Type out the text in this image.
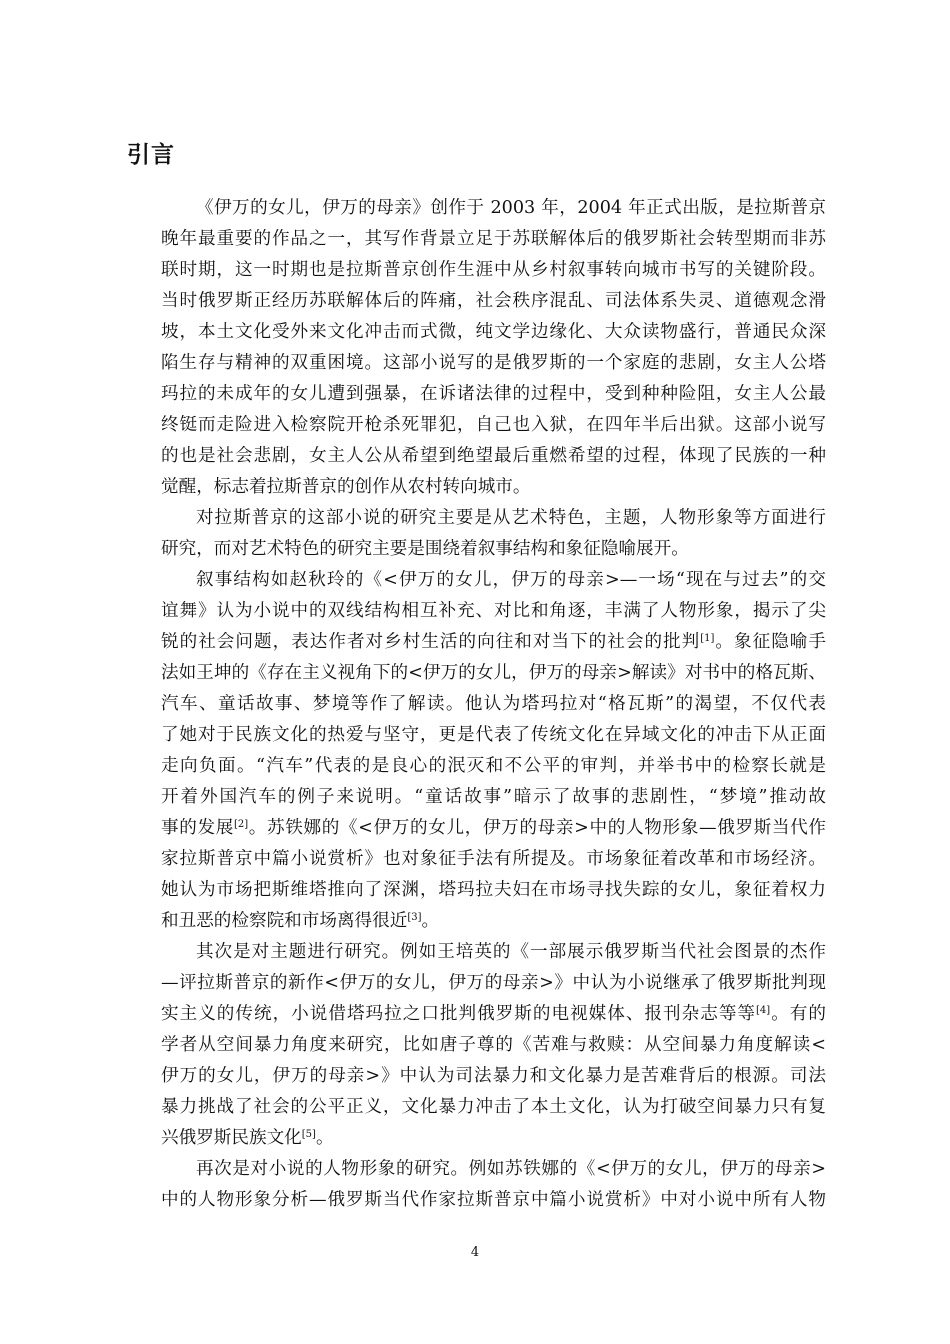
引言
《伊万的女儿，伊万的母亲》创作于 2003 年，2004 年正式出版，是拉斯普京
晚年最重要的作品之一，其写作背景立足于苏联解体后的俄罗斯社会转型期而非苏
联时期，这一时期也是拉斯普京创作生涯中从乡村叙事转向城市书写的关键阶段。
当时俄罗斯正经历苏联解体后的阵痛，社会秩序混乱、司法体系失灵、道德观念滑
坡，本土文化受外来文化冲击而式微，纯文学边缘化、大众读物盛行，普通民众深
陷生存与精神的双重困境。这部小说写的是俄罗斯的一个家庭的悲剧，女主人公塔
玛拉的未成年的女儿遭到强暴，在诉诸法律的过程中，受到种种险阻，女主人公最
终铤而走险进入检察院开枪杀死罪犯，自己也入狱，在四年半后出狱。这部小说写
的也是社会悲剧，女主人公从希望到绝望最后重燃希望的过程，体现了民族的一种
觉醒，标志着拉斯普京的创作从农村转向城市。
对拉斯普京的这部小说的研究主要是从艺术特色，主题，人物形象等方面进行
研究，而对艺术特色的研究主要是围绕着叙事结构和象征隐喻展开。
叙事结构如赵秋玲的《<伊万的女儿，伊万的母亲>—一场“现在与过去”的交
谊舞》认为小说中的双线结构相互补充、对比和角逐，丰满了人物形象，揭示了尖
锐的社会问题，表达作者对乡村生活的向往和对当下的社会的批判[1]。象征隐喻手
法如王坤的《存在主义视角下的<伊万的女儿，伊万的母亲>解读》对书中的格瓦斯、
汽车、童话故事、梦境等作了解读。他认为塔玛拉对“格瓦斯”的渴望，不仅代表
了她对于民族文化的热爱与坚守，更是代表了传统文化在异域文化的冲击下从正面
走向负面。“汽车”代表的是良心的泯灭和不公平的审判，并举书中的检察长就是
开着外国汽车的例子来说明。“童话故事”暗示了故事的悲剧性，“梦境”推动故
事的发展[2]。苏铁娜的《<伊万的女儿，伊万的母亲>中的人物形象—俄罗斯当代作
家拉斯普京中篇小说赏析》也对象征手法有所提及。市场象征着改革和市场经济。
她认为市场把斯维塔推向了深渊，塔玛拉夫妇在市场寻找失踪的女儿，象征着权力
和丑恶的检察院和市场离得很近[3]。
其次是对主题进行研究。例如王培英的《一部展示俄罗斯当代社会图景的杰作
—评拉斯普京的新作<伊万的女儿，伊万的母亲>》中认为小说继承了俄罗斯批判现
实主义的传统，小说借塔玛拉之口批判俄罗斯的电视媒体、报刊杂志等等[4]。有的
学者从空间暴力角度来研究，比如唐子尊的《苦难与救赎：从空间暴力角度解读<
伊万的女儿，伊万的母亲>》中认为司法暴力和文化暴力是苦难背后的根源。司法
暴力挑战了社会的公平正义，文化暴力冲击了本土文化，认为打破空间暴力只有复
兴俄罗斯民族文化[5]。
再次是对小说的人物形象的研究。例如苏铁娜的《<伊万的女儿，伊万的母亲>
中的人物形象分析—俄罗斯当代作家拉斯普京中篇小说赏析》中对小说中所有人物
4
